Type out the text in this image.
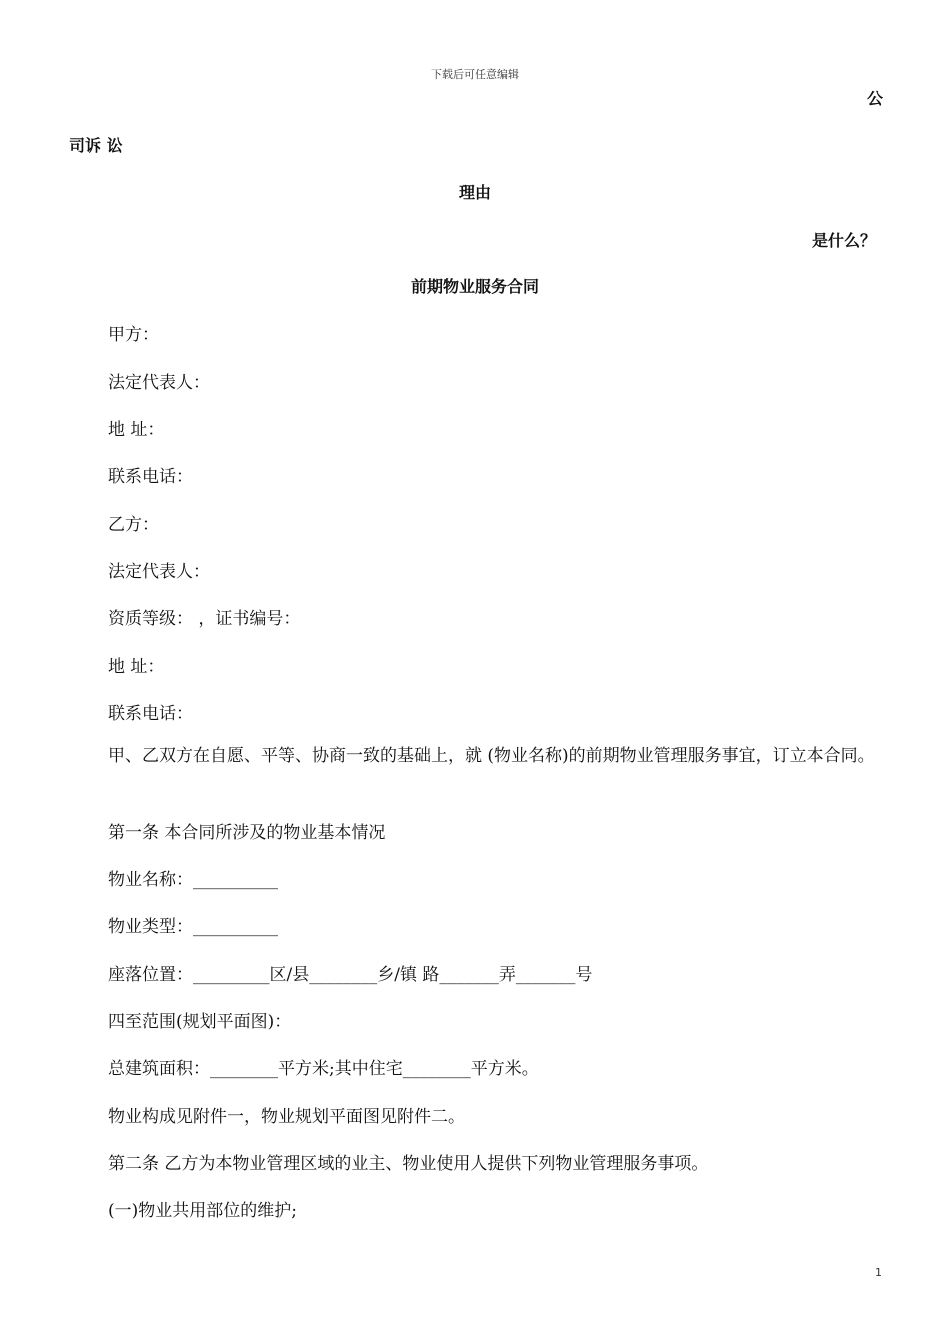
下载后可任意编辑
公
司诉 讼
理由
是什么？
前期物业服务合同
甲方：
法定代表人：
地 址：
联系电话：
乙方：
法定代表人：
资质等级： ，证书编号：
地 址：
联系电话：
甲、乙双方在自愿、平等、协商一致的基础上，就 (物业名称)的前期物业管理服务事宜，订立本合同。
第一条 本合同所涉及的物业基本情况
物业名称：__________
物业类型：__________
座落位置：_________区/县________乡/镇 路_______弄_______号
四至范围(规划平面图)：
总建筑面积：________平方米;其中住宅________平方米。
物业构成见附件一，物业规划平面图见附件二。
第二条 乙方为本物业管理区域的业主、物业使用人提供下列物业管理服务事项。
(一)物业共用部位的维护;
1
